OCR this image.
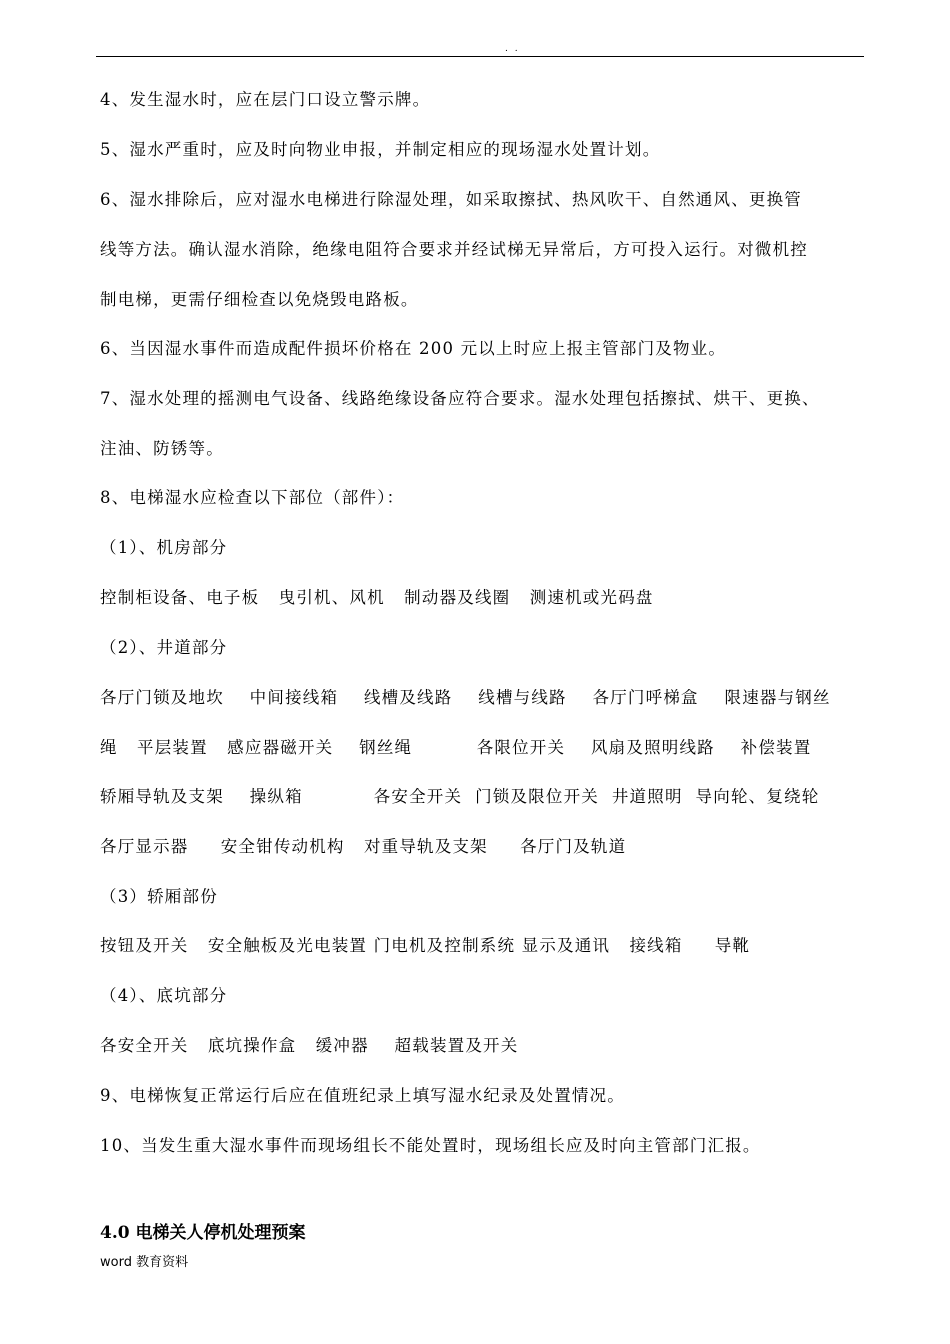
. .
4、发生湿水时，应在层门口设立警示牌。
5、湿水严重时，应及时向物业申报，并制定相应的现场湿水处置计划。
6、湿水排除后，应对湿水电梯进行除湿处理，如采取擦拭、热风吹干、自然通风、更换管
线等方法。确认湿水消除，绝缘电阻符合要求并经试梯无异常后，方可投入运行。对微机控
制电梯，更需仔细检查以免烧毁电路板。
6、当因湿水事件而造成配件损坏价格在 200 元以上时应上报主管部门及物业。
7、湿水处理的摇测电气设备、线路绝缘设备应符合要求。湿水处理包括擦拭、烘干、更换、
注油、防锈等。
8、电梯湿水应检查以下部位（部件）：
（1）、机房部分
控制柜设备、电子板   曳引机、风机   制动器及线圈   测速机或光码盘
（2）、井道部分
各厅门锁及地坎    中间接线箱    线槽及线路    线槽与线路    各厅门呼梯盒    限速器与钢丝
绳   平层装置   感应器磁开关    钢丝绳          各限位开关    风扇及照明线路    补偿装置
轿厢导轨及支架    操纵箱           各安全开关  门锁及限位开关  井道照明  导向轮、复绕轮
各厅显示器     安全钳传动机构   对重导轨及支架     各厅门及轨道
（3）轿厢部份
按钮及开关   安全触板及光电装置 门电机及控制系统 显示及通讯   接线箱     导靴
（4）、底坑部分
各安全开关   底坑操作盒   缓冲器    超载装置及开关
9、电梯恢复正常运行后应在值班纪录上填写湿水纪录及处置情况。
10、当发生重大湿水事件而现场组长不能处置时，现场组长应及时向主管部门汇报。
4.0 电梯关人停机处理预案
word 教育资料
